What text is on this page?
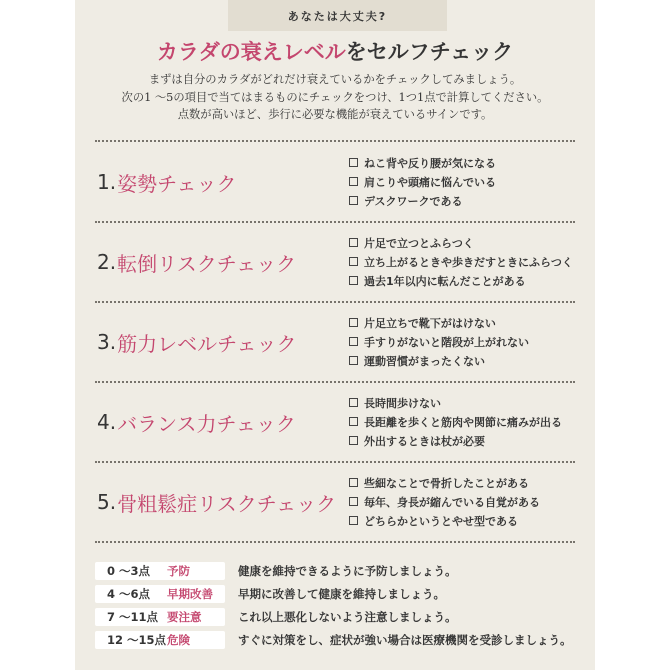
あなたは大丈夫?
カラダの衰えレベルをセルフチェック

まずは自分のカラダがどれだけ衰えているかをチェックしてみましょう。

次の1 ～5の項目で当てはまるものにチェックをつけ、1つ1点で計算してください。

点数が高いほど、歩行に必要な機能が衰えているサインです。

1. 姿勢チェック
ねこ背や反り腰が気になる
肩こりや頭痛に悩んでいる
デスクワークである
2. 転倒リスクチェック
片足で立つとふらつく
立ち上がるときや歩きだすときにふらつく
過去1年以内に転んだことがある
3. 筋力レベルチェック
片足立ちで靴下がはけない
手すりがないと階段が上がれない
運動習慣がまったくない
4. バランス力チェック
長時間歩けない
長距離を歩くと筋肉や関節に痛みが出る
外出するときは杖が必要
5. 骨粗鬆症リスクチェック
些細なことで骨折したことがある
毎年、身長が縮んでいる自覚がある
どちらかというとやせ型である
0 ～3点 予防	健康を維持できるように予防しましょう。
4 ～6点 早期改善 早期に改善して健康を維持しましょう。
7 ～11点 要注意	これ以上悪化しないよう注意しましょう。
12 ～15点 危険	すぐに対策をし、症状が強い場合は医療機関を受診しましょう。
